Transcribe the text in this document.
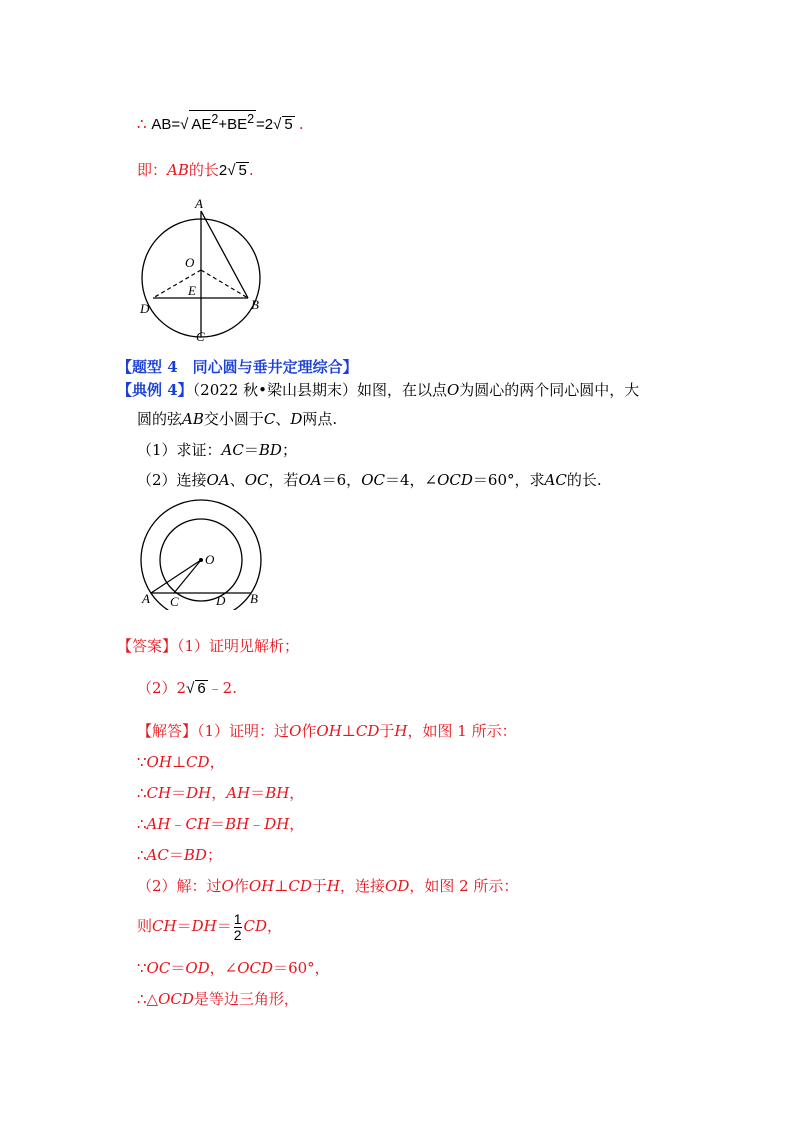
∴ AB=√ $AE^2+BE^2 =2√$ 5 .
即：AB的长2√ 5 .
A
O
E
D	B
C
【题型 4　同心圆与垂井定理综合】
【典例 4】（2022 秋•梁山县期末）如图，在以点O为圆心的两个同心圆中，大
圆的弦AB交小圆于C、D两点.
（1）求证：AC＝BD；
（2）连接OA、OC，若OA＝6，OC＝4，∠OCD＝60°，求AC的长.
O
A C	D B
【答案】（1）证明见解析；
（2）2√ 6 ﹣2.
【解答】（1）证明：过O作OH⊥CD于H，如图 1 所示：
∵OH⊥CD，
∴CH＝DH，AH＝BH，
∴AH﹣CH＝BH﹣DH，
∴AC＝BD；
（2）解：过O作OH⊥CD于H，连接OD，如图 2 所示：
则$CH=DH= \frac{1}{2}$ CD，
∵OC＝OD，∠OCD＝60°，
∴△OCD是等边三角形，
